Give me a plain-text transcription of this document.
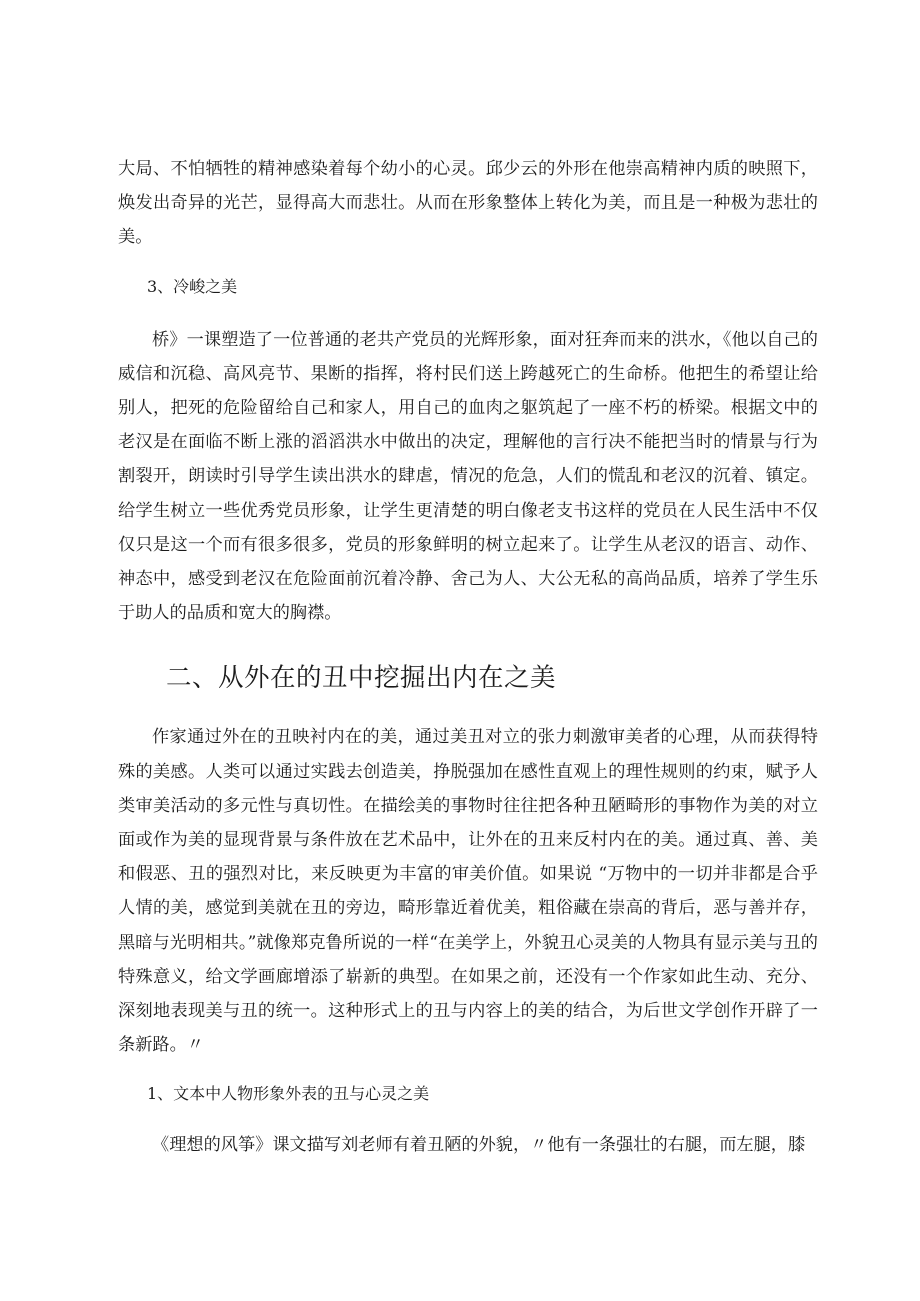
大局、不怕牺牲的精神感染着每个幼小的心灵。邱少云的外形在他崇高精神内质的映照下，焕发出奇异的光芒，显得高大而悲壮。从而在形象整体上转化为美，而且是一种极为悲壮的美。

3、冷峻之美

桥》一课塑造了一位普通的老共产党员的光辉形象，面对狂奔而来的洪水，《他以自己的威信和沉稳、高风亮节、果断的指挥，将村民们送上跨越死亡的生命桥。他把生的希望让给别人，把死的危险留给自己和家人，用自己的血肉之躯筑起了一座不朽的桥梁。根据文中的老汉是在面临不断上涨的滔滔洪水中做出的决定，理解他的言行决不能把当时的情景与行为割裂开，朗读时引导学生读出洪水的肆虐，情况的危急，人们的慌乱和老汉的沉着、镇定。给学生树立一些优秀党员形象，让学生更清楚的明白像老支书这样的党员在人民生活中不仅仅只是这一个而有很多很多，党员的形象鲜明的树立起来了。让学生从老汉的语言、动作、神态中，感受到老汉在危险面前沉着冷静、舍己为人、大公无私的高尚品质，培养了学生乐于助人的品质和宽大的胸襟。

二、从外在的丑中挖掘出内在之美

作家通过外在的丑映衬内在的美，通过美丑对立的张力刺激审美者的心理，从而获得特殊的美感。人类可以通过实践去创造美，挣脱强加在感性直观上的理性规则的约束，赋予人类审美活动的多元性与真切性。在描绘美的事物时往往把各种丑陋畸形的事物作为美的对立面或作为美的显现背景与条件放在艺术品中，让外在的丑来反村内在的美。通过真、善、美和假恶、丑的强烈对比，来反映更为丰富的审美价值。如果说 “万物中的一切并非都是合乎人情的美，感觉到美就在丑的旁边，畸形靠近着优美，粗俗藏在崇高的背后，恶与善并存，黑暗与光明相共。”就像郑克鲁所说的一样“在美学上，外貌丑心灵美的人物具有显示美与丑的特殊意义，给文学画廊增添了崭新的典型。在如果之前，还没有一个作家如此生动、充分、深刻地表现美与丑的统一。这种形式上的丑与内容上的美的结合，为后世文学创作开辟了一条新路。〃

1、文本中人物形象外表的丑与心灵之美

《理想的风筝》课文描写刘老师有着丑陋的外貌，〃他有一条强壮的右腿，而左腿，膝
